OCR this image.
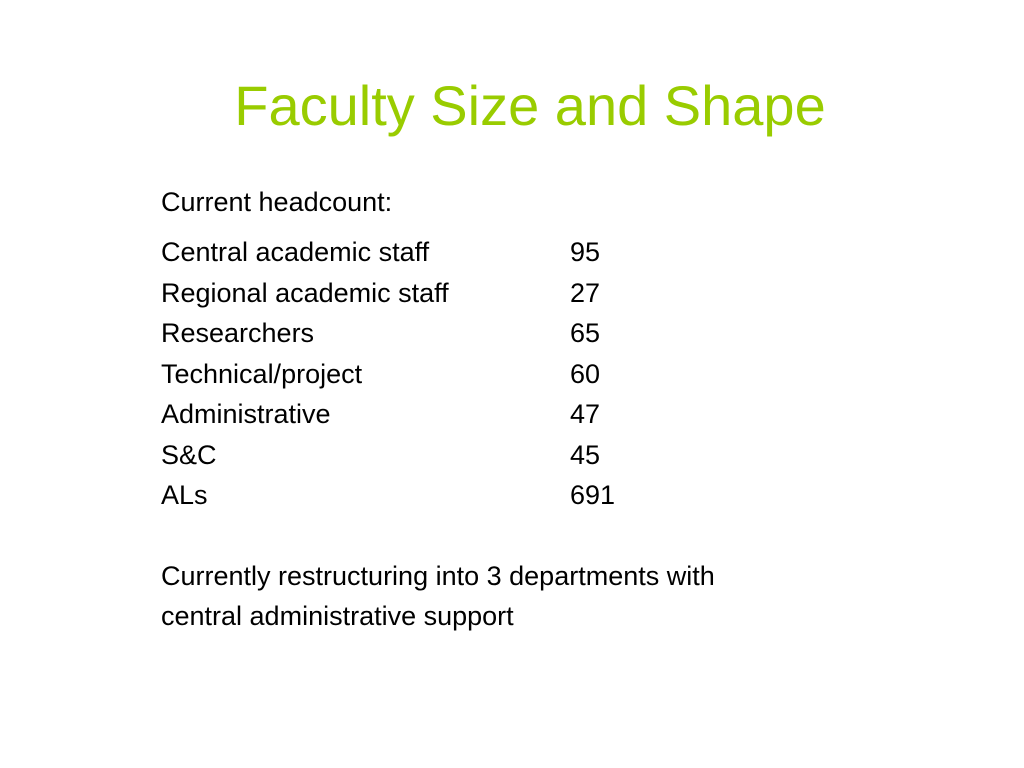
Faculty Size and Shape
Current headcount:
Central academic staff	95
Regional academic staff	27
Researchers	65
Technical/project	60
Administrative	47
S&C	45
ALs	691
Currently restructuring into 3 departments with
central administrative support
